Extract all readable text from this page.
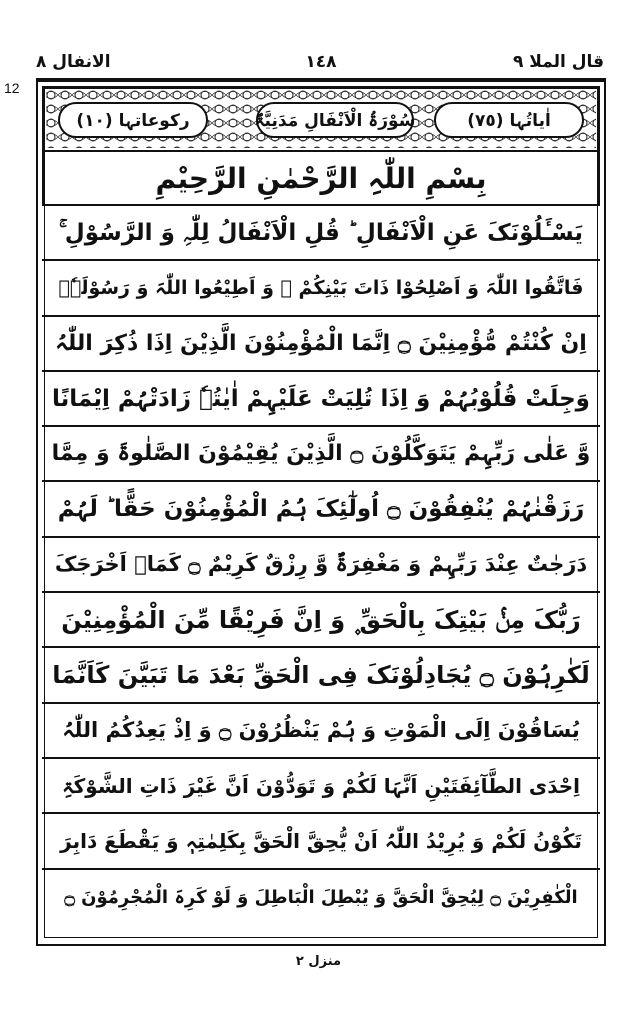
قال الملا ٩
١٤٨
الانفال ٨
12
اٰیاتُہا (٧٥)
سُوْرَۃُ الْاَنْفَالِ مَدَنِیَّۃٌ
رکوعاتہا (١٠)
بِسْمِ اللّٰہِ الرَّحْمٰنِ الرَّحِیْمِ
یَسْـَٔلُوْنَکَ عَنِ الْاَنْفَالِ ؕ قُلِ الْاَنْفَالُ لِلّٰہِ وَ الرَّسُوْلِ ۚ
فَاتَّقُوا اللّٰہَ وَ اَصْلِحُوْا ذَاتَ بَیْنِکُمْ ۪ وَ اَطِیْعُوا اللّٰہَ وَ رَسُوْلَہٗۤ
اِنْ کُنْتُمْ مُّؤْمِنِیْنَ ۝ اِنَّمَا الْمُؤْمِنُوْنَ الَّذِیْنَ اِذَا ذُکِرَ اللّٰہُ
وَجِلَتْ قُلُوْبُہُمْ وَ اِذَا تُلِیَتْ عَلَیْہِمْ اٰیٰتُہٗ زَادَتْہُمْ اِیْمَانًا
وَّ عَلٰی رَبِّہِمْ یَتَوَکَّلُوْنَ ۝ الَّذِیْنَ یُقِیْمُوْنَ الصَّلٰوۃَ وَ مِمَّا
رَزَقْنٰہُمْ یُنْفِقُوْنَ ۝ اُولٰٓئِکَ ہُمُ الْمُؤْمِنُوْنَ حَقًّا ؕ لَہُمْ
دَرَجٰتٌ عِنْدَ رَبِّہِمْ وَ مَغْفِرَۃٌ وَّ رِزْقٌ کَرِیْمٌ ۝ کَمَاۤ اَخْرَجَکَ
رَبُّکَ مِنْۢ بَیْتِکَ بِالْحَقِّ ۪ وَ اِنَّ فَرِیْقًا مِّنَ الْمُؤْمِنِیْنَ
لَکٰرِہُوْنَ ۝ یُجَادِلُوْنَکَ فِی الْحَقِّ بَعْدَ مَا تَبَیَّنَ کَاَنَّمَا
یُسَاقُوْنَ اِلَی الْمَوْتِ وَ ہُمْ یَنْظُرُوْنَ ۝ وَ اِذْ یَعِدُکُمُ اللّٰہُ
اِحْدَی الطَّآئِفَتَیْنِ اَنَّہَا لَکُمْ وَ تَوَدُّوْنَ اَنَّ غَیْرَ ذَاتِ الشَّوْکَۃِ
تَکُوْنُ لَکُمْ وَ یُرِیْدُ اللّٰہُ اَنْ یُّحِقَّ الْحَقَّ بِکَلِمٰتِہٖ وَ یَقْطَعَ دَابِرَ
الْکٰفِرِیْنَ ۝ لِیُحِقَّ الْحَقَّ وَ یُبْطِلَ الْبَاطِلَ وَ لَوْ کَرِہَ الْمُجْرِمُوْنَ ۝
منزل ٢
